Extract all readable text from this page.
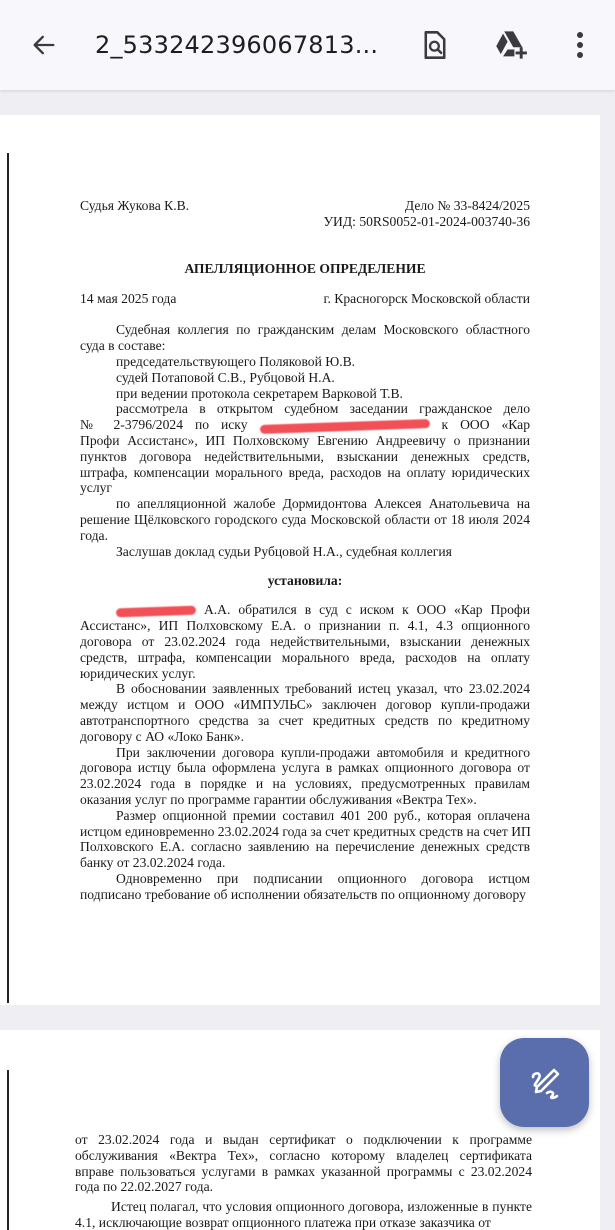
2_533242396067813...
Судья Жукова К.В.	Дело № 33-8424/2025
УИД: 50RS0052-01-2024-003740-36
АПЕЛЛЯЦИОННОЕ ОПРЕДЕЛЕНИЕ
14 мая 2025 года	г. Красногорск Московской области
Судебная коллегия по гражданским делам Московского областного
суда в составе:
председательствующего Поляковой Ю.В.
судей Потаповой С.В., Рубцовой Н.А.
при ведении протокола секретарем Варковой Т.В.
рассмотрела в открытом судебном заседании гражданское дело
№ 2-3796/2024 по иску	к ООО «Кар
Профи Ассистанс», ИП Полховскому Евгению Андреевичу о признании
пунктов договора недействительными, взыскании денежных средств,
штрафа, компенсации морального вреда, расходов на оплату юридических
услуг
по апелляционной жалобе Дормидонтова Алексея Анатольевича на
решение Щёлковского городского суда Московской области от 18 июля 2024
года.
Заслушав доклад судьи Рубцовой Н.А., судебная коллегия
установила:
А.А. обратился в суд с иском к ООО «Кар Профи
Ассистанс», ИП Полховскому Е.А. о признании п. 4.1, 4.3 опционного
договора от 23.02.2024 года недействительными, взыскании денежных
средств, штрафа, компенсации морального вреда, расходов на оплату
юридических услуг.
В обосновании заявленных требований истец указал, что 23.02.2024
между истцом и ООО «ИМПУЛЬС» заключен договор купли-продажи
автотранспортного средства за счет кредитных средств по кредитному
договору с АО «Локо Банк».
При заключении договора купли-продажи автомобиля и кредитного
договора истцу была оформлена услуга в рамках опционного договора от
23.02.2024 года в порядке и на условиях, предусмотренных правилам
оказания услуг по программе гарантии обслуживания «Вектра Тех».
Размер опционной премии составил 401 200 руб., которая оплачена
истцом единовременно 23.02.2024 года за счет кредитных средств на счет ИП
Полховского Е.А. согласно заявлению на перечисление денежных средств
банку от 23.02.2024 года.
Одновременно при подписании опционного договора истцом
подписано требование об исполнении обязательств по опционному договору
от 23.02.2024 года и выдан сертификат о подключении к программе
обслуживания «Вектра Тех», согласно которому владелец сертификата
вправе пользоваться услугами в рамках указанной программы с 23.02.2024
года по 22.02.2027 года.
Истец полагал, что условия опционного договора, изложенные в пункте
4.1, исключающие возврат опционного платежа при отказе заказчика от
